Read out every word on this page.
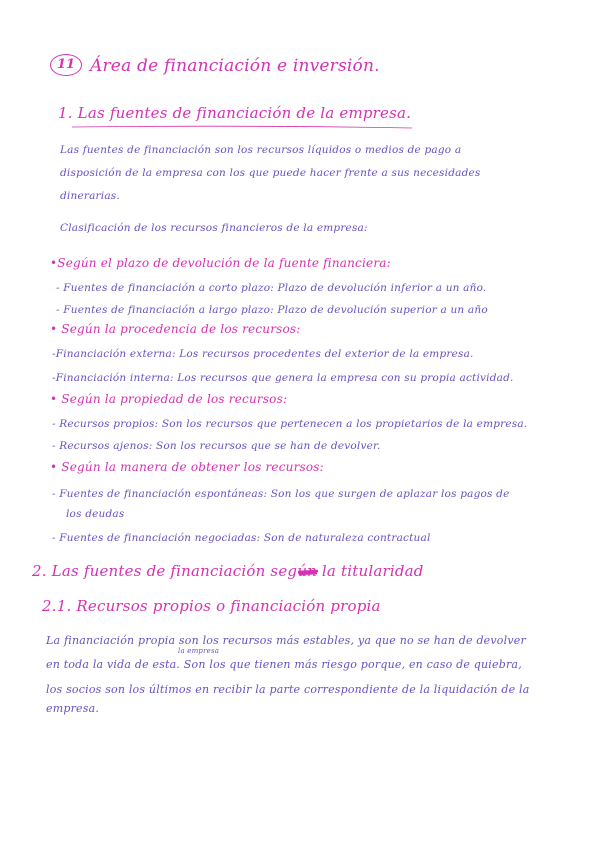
11 Área de financiación e inversión.
1. Las fuentes de financiación de la empresa.
Las fuentes de financiación son los recursos líquidos o medios de pago a
disposición de la empresa con los que puede hacer frente a sus necesidades
dinerarias.
Clasificación de los recursos financieros de la empresa:
•Según el plazo de devolución de la fuente financiera:
- Fuentes de financiación a corto plazo: Plazo de devolución inferior a un año.
- Fuentes de financiación a largo plazo: Plazo de devolución superior a un año
• Según la procedencia de los recursos:
-Financiación externa: Los recursos procedentes del exterior de la empresa.
-Financiación interna: Los recursos que genera la empresa con su propia actividad.
• Según la propiedad de los recursos:
- Recursos propios: Son los recursos que pertenecen a los propietarios de la empresa.
- Recursos ajenos: Son los recursos que se han de devolver.
• Según la manera de obtener los recursos:
- Fuentes de financiación espontáneas: Son los que surgen de aplazar los pagos de
los deudas
- Fuentes de financiación negociadas: Son de naturaleza contractual
2. Las fuentes de financiación según la titularidad
2.1. Recursos propios o financiación propia
La financiación propia son los recursos más estables, ya que no se han de devolver
la empresa
en toda la vida de esta. Son los que tienen más riesgo porque, en caso de quiebra,
los socios son los últimos en recibir la parte correspondiente de la liquidación de la
empresa.
